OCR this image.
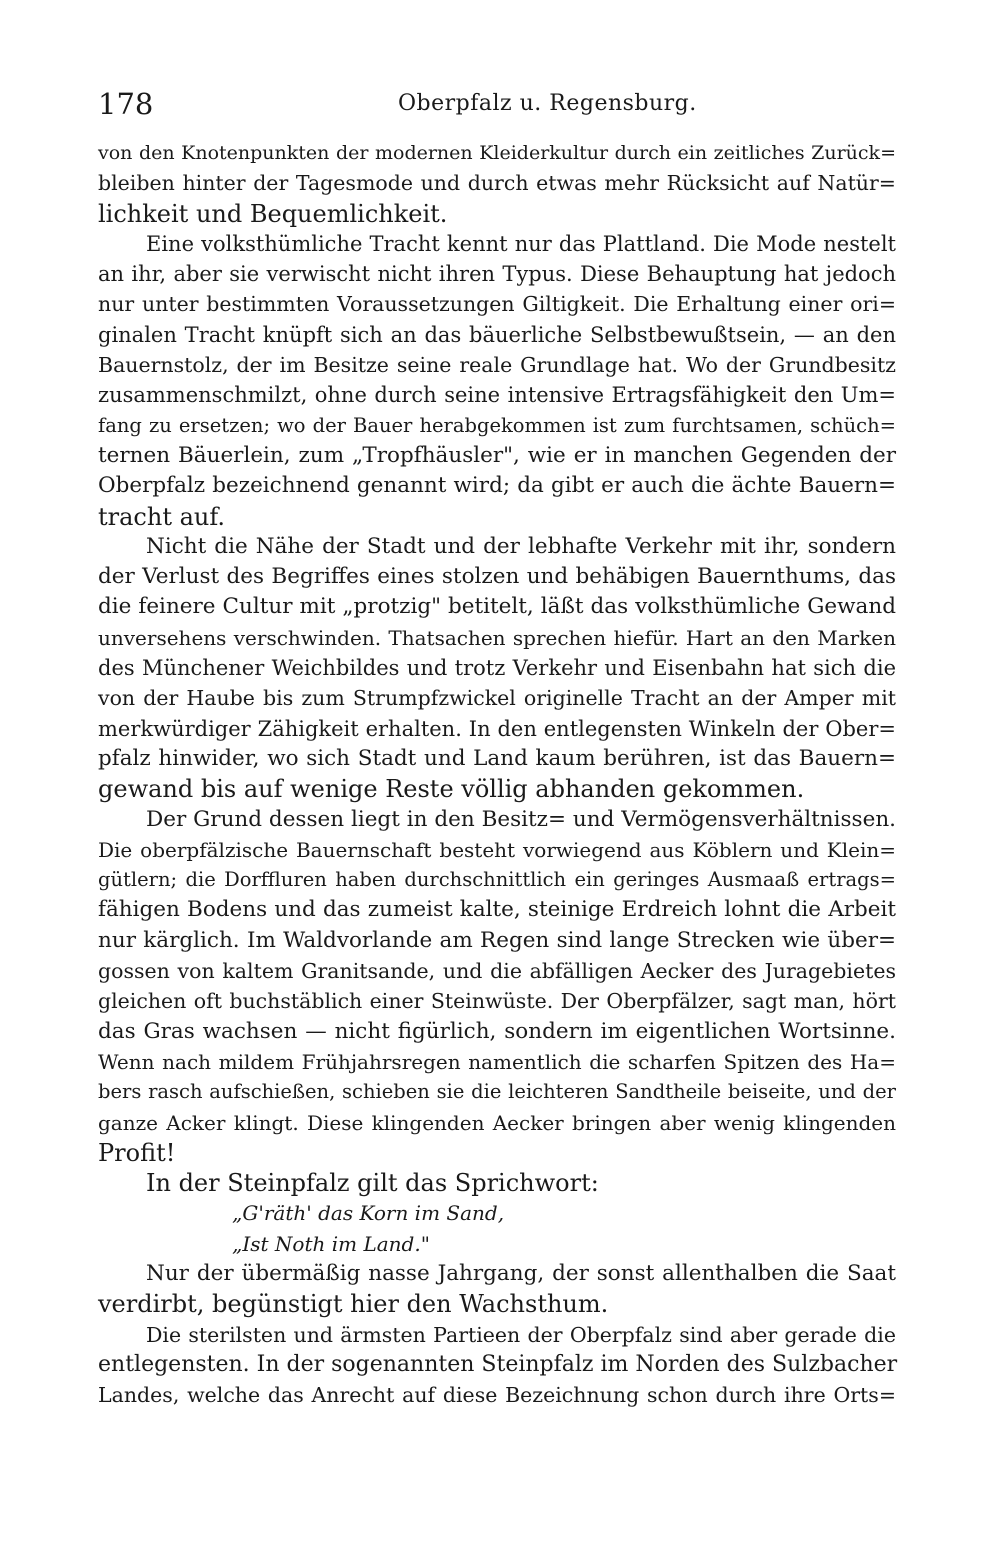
178	Oberpfalz u. Regensburg.
von den Knotenpunkten der modernen Kleiderkultur durch ein zeitliches Zurück=
bleiben hinter der Tagesmode und durch etwas mehr Rücksicht auf Natür=
lichkeit und Bequemlichkeit.
Eine volksthümliche Tracht kennt nur das Plattland. Die Mode nestelt
an ihr, aber sie verwischt nicht ihren Typus. Diese Behauptung hat jedoch
nur unter bestimmten Voraussetzungen Giltigkeit. Die Erhaltung einer ori=
ginalen Tracht knüpft sich an das bäuerliche Selbstbewußtsein, — an den
Bauernstolz, der im Besitze seine reale Grundlage hat. Wo der Grundbesitz
zusammenschmilzt, ohne durch seine intensive Ertragsfähigkeit den Um=
fang zu ersetzen; wo der Bauer herabgekommen ist zum furchtsamen, schüch=
ternen Bäuerlein, zum „Tropfhäusler", wie er in manchen Gegenden der
Oberpfalz bezeichnend genannt wird; da gibt er auch die ächte Bauern=
tracht auf.
Nicht die Nähe der Stadt und der lebhafte Verkehr mit ihr, sondern
der Verlust des Begriffes eines stolzen und behäbigen Bauernthums, das
die feinere Cultur mit „protzig" betitelt, läßt das volksthümliche Gewand
unversehens verschwinden. Thatsachen sprechen hiefür. Hart an den Marken
des Münchener Weichbildes und trotz Verkehr und Eisenbahn hat sich die
von der Haube bis zum Strumpfzwickel originelle Tracht an der Amper mit
merkwürdiger Zähigkeit erhalten. In den entlegensten Winkeln der Ober=
pfalz hinwider, wo sich Stadt und Land kaum berühren, ist das Bauern=
gewand bis auf wenige Reste völlig abhanden gekommen.
Der Grund dessen liegt in den Besitz= und Vermögensverhältnissen.
Die oberpfälzische Bauernschaft besteht vorwiegend aus Köblern und Klein=
gütlern; die Dorffluren haben durchschnittlich ein geringes Ausmaaß ertrags=
fähigen Bodens und das zumeist kalte, steinige Erdreich lohnt die Arbeit
nur kärglich. Im Waldvorlande am Regen sind lange Strecken wie über=
gossen von kaltem Granitsande, und die abfälligen Aecker des Juragebietes
gleichen oft buchstäblich einer Steinwüste. Der Oberpfälzer, sagt man, hört
das Gras wachsen — nicht figürlich, sondern im eigentlichen Wortsinne.
Wenn nach mildem Frühjahrsregen namentlich die scharfen Spitzen des Ha=
bers rasch aufschießen, schieben sie die leichteren Sandtheile beiseite, und der
ganze Acker klingt. Diese klingenden Aecker bringen aber wenig klingenden
Profit!
In der Steinpfalz gilt das Sprichwort:
„G'räth' das Korn im Sand,
„Ist Noth im Land."
Nur der übermäßig nasse Jahrgang, der sonst allenthalben die Saat
verdirbt, begünstigt hier den Wachsthum.
Die sterilsten und ärmsten Partieen der Oberpfalz sind aber gerade die
entlegensten. In der sogenannten Steinpfalz im Norden des Sulzbacher
Landes, welche das Anrecht auf diese Bezeichnung schon durch ihre Orts=
